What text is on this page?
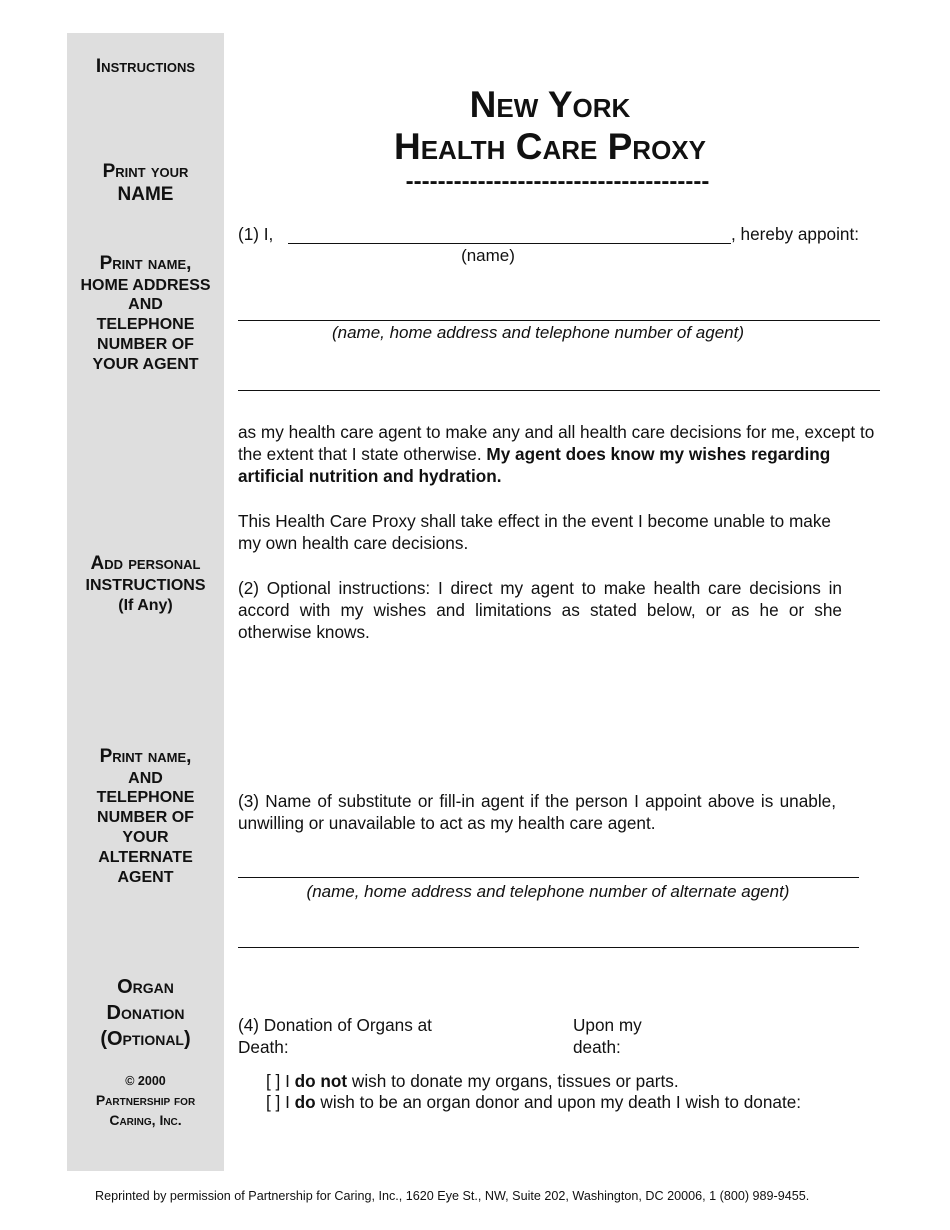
Instructions
Print your
NAME
Print name,
HOME ADDRESS
AND
TELEPHONE
NUMBER OF
YOUR AGENT
Add personal
INSTRUCTIONS
(If Any)
Print name,
AND
TELEPHONE
NUMBER OF
YOUR
ALTERNATE
AGENT
Organ
Donation
(Optional)
© 2000
Partnership for
Caring, Inc.
New York
Health Care Proxy
--------------------------------------
(1) I,	, hereby appoint:
(name)
(name, home address and telephone number of agent)
as my health care agent to make any and all health care decisions for me, except to the extent that I state otherwise. My agent does know my wishes regarding artificial nutrition and hydration.
This Health Care Proxy shall take effect in the event I become unable to make my own health care decisions.
(2) Optional instructions: I direct my agent to make health care decisions in accord with my wishes and limitations as stated below, or as he or she otherwise knows.
(3) Name of substitute or fill-in agent if the person I appoint above is unable, unwilling or unavailable to act as my health care agent.
(name, home address and telephone number of alternate agent)
(4) Donation of Organs at Death:
Upon my death:
[ ] I do not wish to donate my organs, tissues or parts.
[ ] I do wish to be an organ donor and upon my death I wish to donate:
Reprinted by permission of Partnership for Caring, Inc., 1620 Eye St., NW, Suite 202, Washington, DC 20006, 1 (800) 989-9455.
